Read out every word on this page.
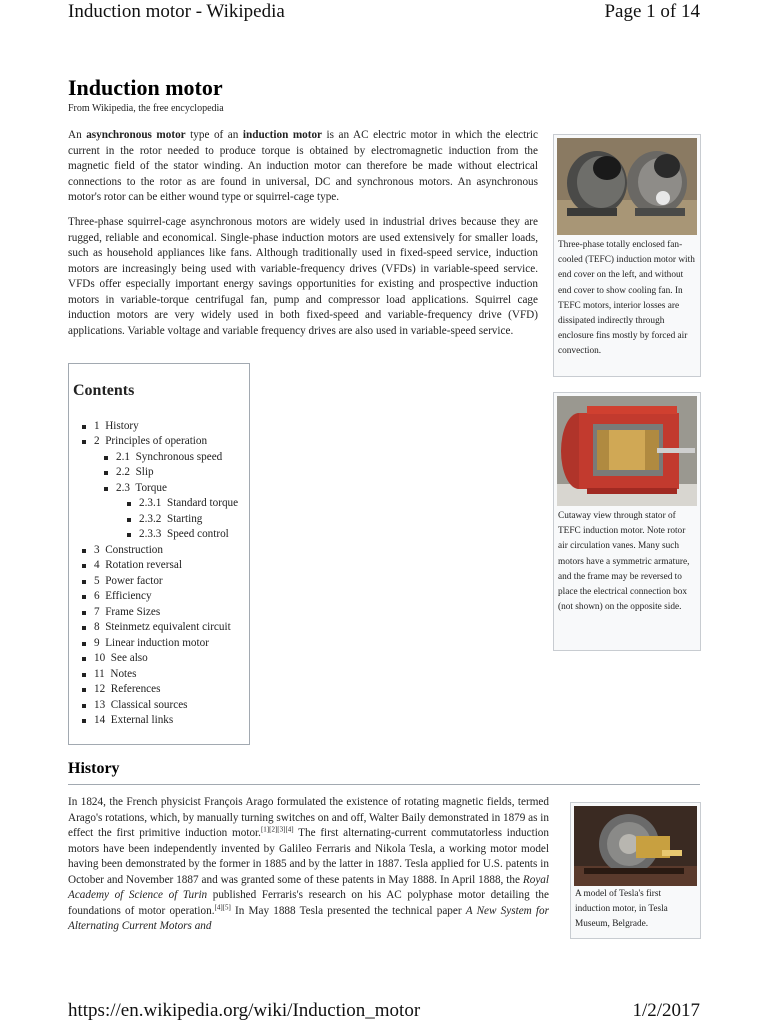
Induction motor - Wikipedia	Page 1 of 14
Induction motor
From Wikipedia, the free encyclopedia

An asynchronous motor type of an induction motor is an AC electric motor in which the electric current in the rotor needed to produce torque is obtained by electromagnetic induction from the magnetic field of the stator winding. An induction motor can therefore be made without electrical connections to the rotor as are found in universal, DC and synchronous motors. An asynchronous motor's rotor can be either wound type or squirrel-cage type.

Three-phase squirrel-cage asynchronous motors are widely used in industrial drives because they are rugged, reliable and economical. Single-phase induction motors are used extensively for smaller loads, such as household appliances like fans. Although traditionally used in fixed-speed service, induction motors are increasingly being used with variable-frequency drives (VFDs) in variable-speed service. VFDs offer especially important energy savings opportunities for existing and prospective induction motors in variable-torque centrifugal fan, pump and compressor load applications. Squirrel cage induction motors are very widely used in both fixed-speed and variable-frequency drive (VFD) applications. Variable voltage and variable frequency drives are also used in variable-speed service.

Three-phase totally enclosed fan-cooled (TEFC) induction motor with end cover on the left, and without end cover to show cooling fan. In TEFC motors, interior losses are dissipated indirectly through enclosure fins mostly by forced air convection.
Cutaway view through stator of TEFC induction motor. Note rotor air circulation vanes. Many such motors have a symmetric armature, and the frame may be reversed to place the electrical connection box (not shown) on the opposite side.
Contents
1 History
2 Principles of operation
2.1 Synchronous speed
2.2 Slip
2.3 Torque
2.3.1 Standard torque
2.3.2 Starting
2.3.3 Speed control
3 Construction
4 Rotation reversal
5 Power factor
6 Efficiency
7 Frame Sizes
8 Steinmetz equivalent circuit
9 Linear induction motor
10 See also
11 Notes
12 References
13 Classical sources
14 External links
History

In 1824, the French physicist François Arago formulated the existence of rotating magnetic fields, termed Arago's rotations, which, by manually turning switches on and off, Walter Baily demonstrated in 1879 as in effect the first primitive induction motor.[1][2][3][4] The first alternating-current commutatorless induction motors have been independently invented by Galileo Ferraris and Nikola Tesla, a working motor model having been demonstrated by the former in 1885 and by the latter in 1887. Tesla applied for U.S. patents in October and November 1887 and was granted some of these patents in May 1888. In April 1888, the Royal Academy of Science of Turin published Ferraris's research on his AC polyphase motor detailing the foundations of motor operation.[4][5] In May 1888 Tesla presented the technical paper A New System for Alternating Current Motors and

A model of Tesla's first induction motor, in Tesla Museum, Belgrade.
https://en.wikipedia.org/wiki/Induction_motor	1/2/2017
